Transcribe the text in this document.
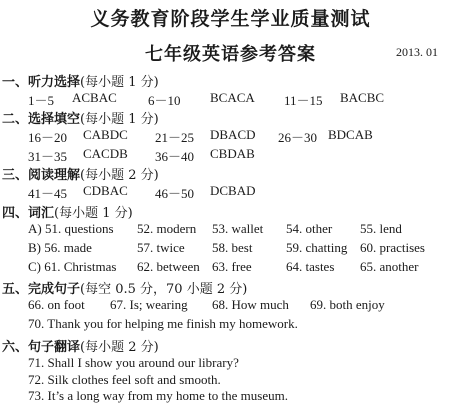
义务教育阶段学生学业质量测试
七年级英语参考答案	2013. 01
一、听力选择(每小题 1 分)
1－5 ACBAC 6－10 BCACA 11－15 BACBC
二、选择填空(每小题 1 分)
16－20 CABDC 21－25 DBACD 26－30 BDCAB
31－35 CACDB 36－40 CBDAB
三、阅读理解(每小题 2 分)
41－45 CDBAC 46－50 DCBAD
四、词汇(每小题 1 分)
A) 51. questions 52. modern 53. wallet 54. other 55. lend
B) 56. made	57. twice 58. best	59. chatting 60. practises
C) 61. Christmas 62. between 63. free	64. tastes 65. another
五、完成句子(每空 0.5 分，70 小题 2 分)
66. on foot 67. Is; wearing 68. How much 69. both enjoy
70. Thank you for helping me finish my homework.
六、句子翻译(每小题 2 分)
71. Shall I show you around our library?
72. Silk clothes feel soft and smooth.
73. It’s a long way from my home to the museum.
